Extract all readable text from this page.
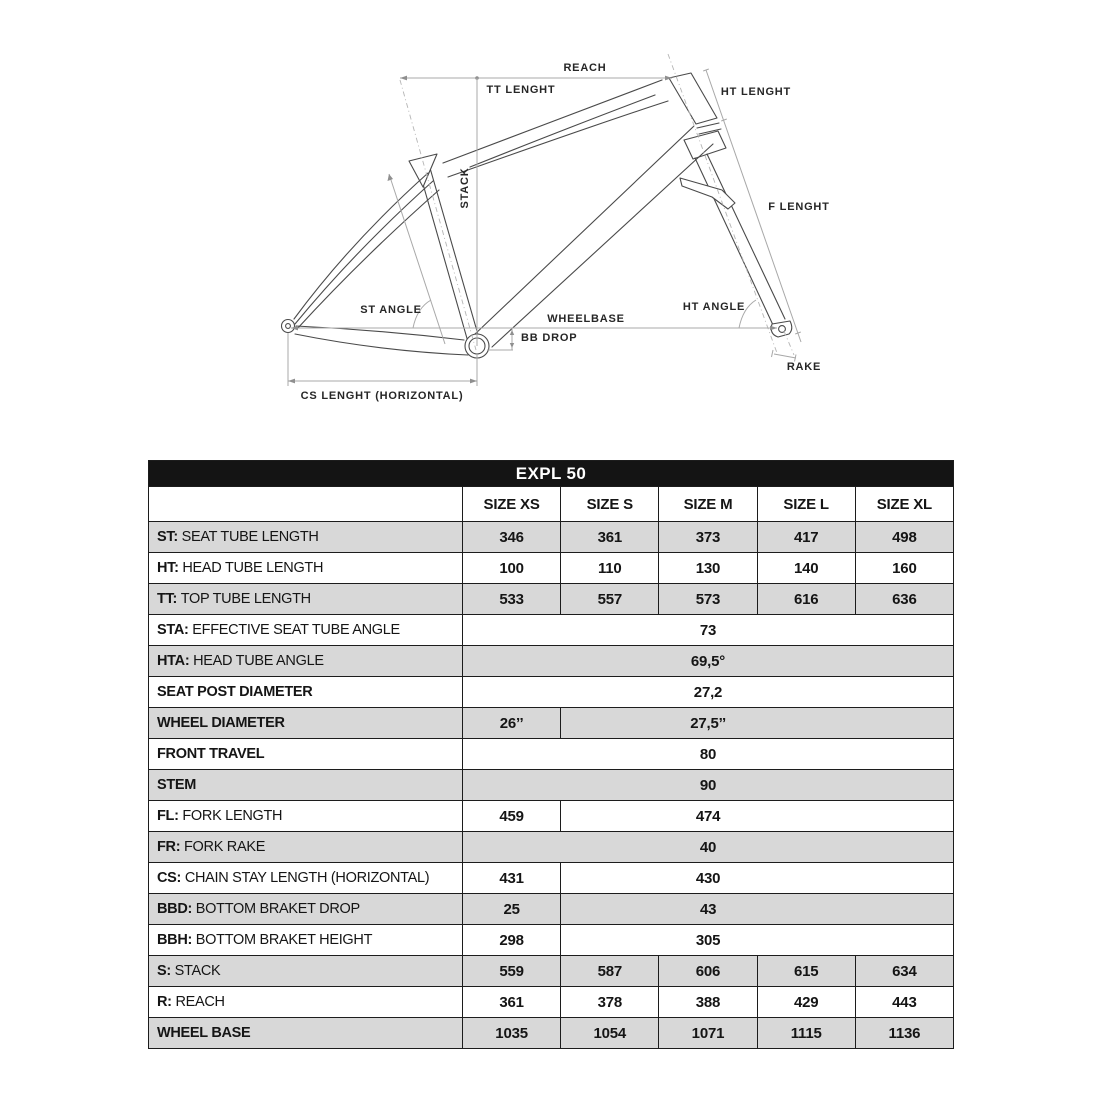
REACH
TT LENGHT	HT LENGHT
STACK	F LENGHT
ST ANGLE
WHEELBASE
BB DROP
HT ANGLE
RAKE
CS LENGHT (HORIZONTAL)
EXPL 50					
	SIZE XS	SIZE S	SIZE M	SIZE L	SIZE XL
ST: SEAT TUBE LENGTH	346	361	373	417	498
HT: HEAD TUBE LENGTH	100	110	130	140	160
TT: TOP TUBE LENGTH	533	557	573	616	636
STA: EFFECTIVE SEAT TUBE ANGLE	73				
HTA: HEAD TUBE ANGLE	69,5°				
SEAT POST DIAMETER	27,2				
WHEEL DIAMETER	26’’	27,5’’			
FRONT TRAVEL	80				
STEM	90				
FL: FORK LENGTH	459	474			
FR: FORK RAKE	40				
CS: CHAIN STAY LENGTH (HORIZONTAL)	431	430			
BBD: BOTTOM BRAKET DROP	25	43			
BBH: BOTTOM BRAKET HEIGHT	298	305			
S: STACK	559	587	606	615	634
R: REACH	361	378	388	429	443
WHEEL BASE	1035	1054	1071	1115	1136
